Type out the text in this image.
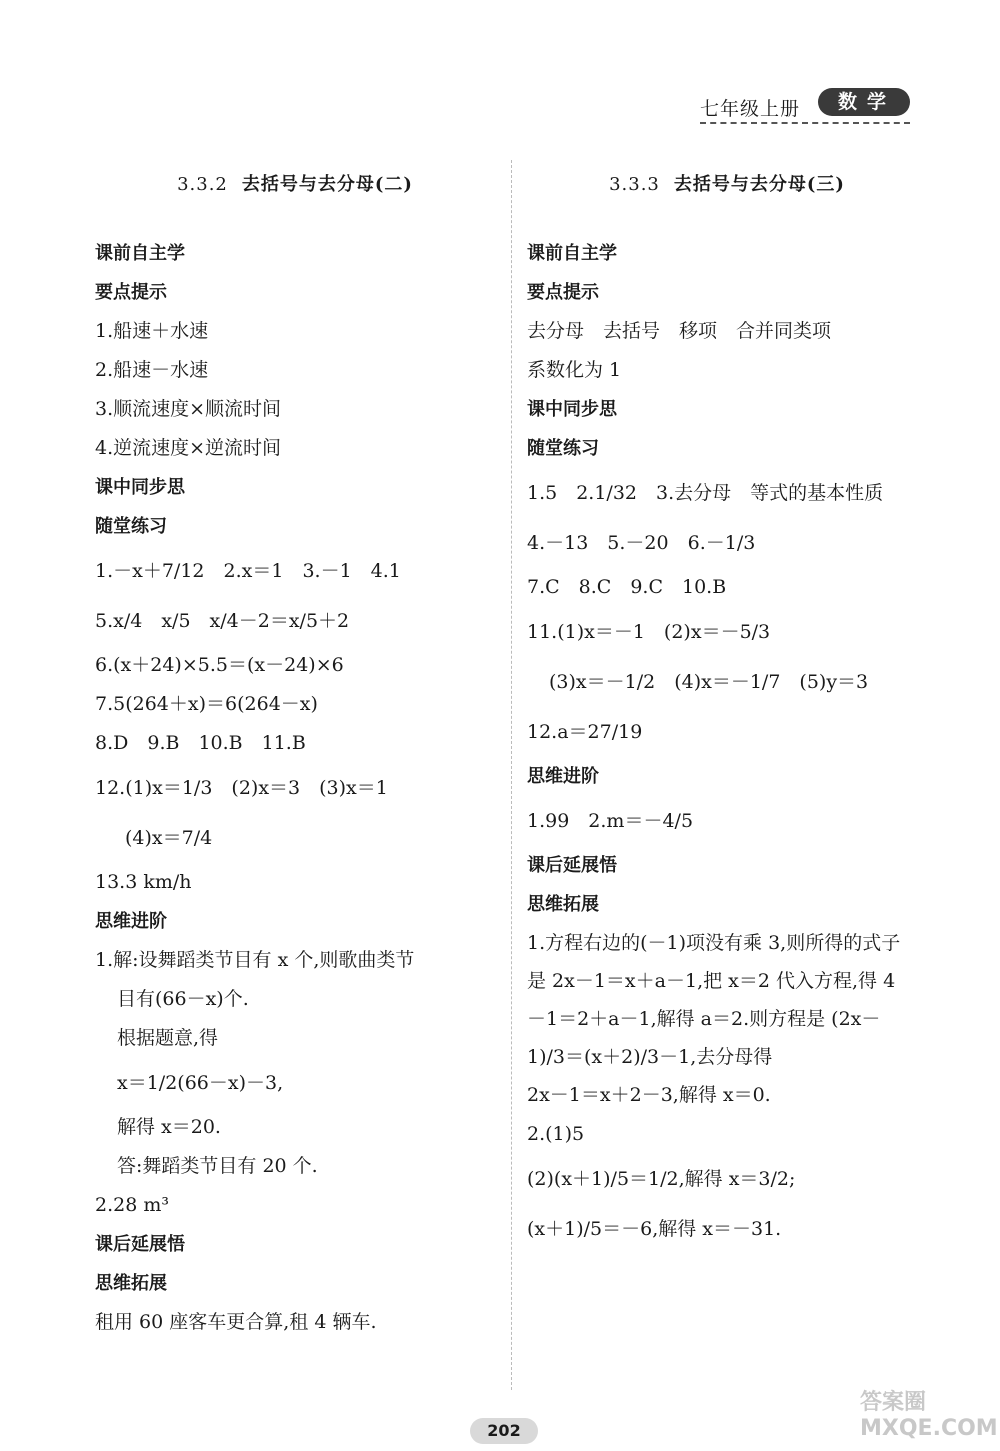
七年级上册	数学
3.3.2 去括号与去分母(二)
课前自主学
要点提示
1.船速＋水速
2.船速－水速
3.顺流速度×顺流时间
4.逆流速度×逆流时间
课中同步思
随堂练习
1.－x＋7/12　2.x＝1　3.－1　4.1
5.x/4　x/5　x/4－2＝x/5＋2
6.(x＋24)×5.5＝(x－24)×6
7.5(264＋x)＝6(264－x)
8.D　9.B　10.B　11.B
12.(1)x＝1/3　(2)x＝3　(3)x＝1
(4)x＝7/4
13.3 km/h
思维进阶
1.解:设舞蹈类节目有 x 个,则歌曲类节
目有(66－x)个.
根据题意,得
x＝1/2(66－x)－3,
解得 x＝20.
答:舞蹈类节目有 20 个.
2.28 m³
课后延展悟
思维拓展
租用 60 座客车更合算,租 4 辆车.
3.3.3 去括号与去分母(三)
课前自主学
要点提示
去分母　去括号　移项　合并同类项
系数化为 1
课中同步思
随堂练习
1.5　2.1/32　3.去分母　等式的基本性质
4.－13　5.－20　6.－1/3
7.C　8.C　9.C　10.B
11.(1)x＝－1　(2)x＝－5/3
(3)x＝－1/2　(4)x＝－1/7　(5)y＝3
12.a＝27/19
思维进阶
1.99　2.m＝－4/5
课后延展悟
思维拓展
1.方程右边的(－1)项没有乘 3,则所得的式子是 2x－1＝x＋a－1,把 x＝2 代入方程,得 4－1＝2＋a－1,解得 a＝2.则方程是 (2x－1)/3＝(x＋2)/3－1,去分母得
2x－1＝x＋2－3,解得 x＝0.
2.(1)5
(2)(x＋1)/5＝1/2,解得 x＝3/2;
(x＋1)/5＝－6,解得 x＝－31.
202
答案圈 MXQE.COM
